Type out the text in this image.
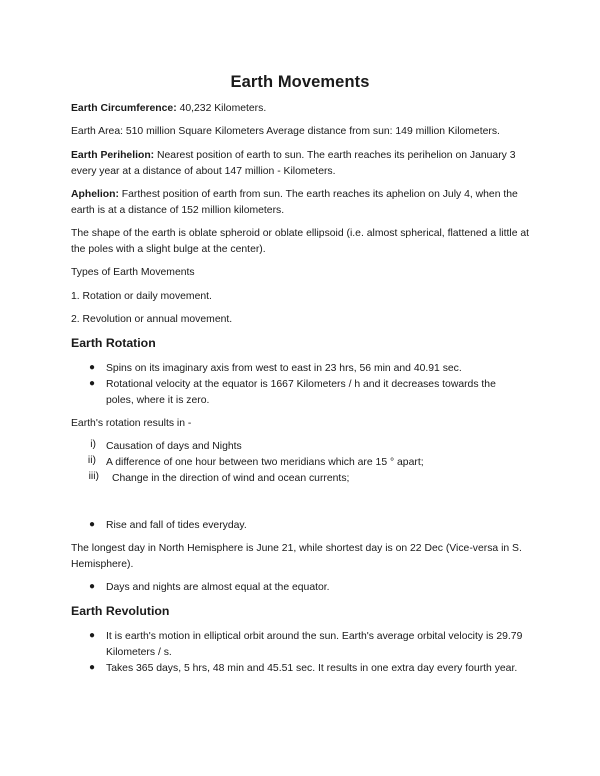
Earth Movements

Earth Circumference: 40,232 Kilometers.

Earth Area: 510 million Square Kilometers Average distance from sun: 149 million Kilometers.

Earth Perihelion: Nearest position of earth to sun. The earth reaches its perihelion on January 3 every year at a distance of about 147 million - Kilometers.

Aphelion: Farthest position of earth from sun. The earth reaches its aphelion on July 4, when the earth is at a distance of 152 million kilometers.

The shape of the earth is oblate spheroid or oblate ellipsoid (i.e. almost spherical, flattened a little at the poles with a slight bulge at the center).

Types of Earth Movements

1. Rotation or daily movement.

2. Revolution or annual movement.

Earth Rotation

● Spins on its imaginary axis from west to east in 23 hrs, 56 min and 40.91 sec.

● Rotational velocity at the equator is 1667 Kilometers / h and it decreases towards the poles, where it is zero.

Earth's rotation results in -

i) Causation of days and Nights

ii) A difference of one hour between two meridians which are 15 ° apart;

iii) Change in the direction of wind and ocean currents;

● Rise and fall of tides everyday.

The longest day in North Hemisphere is June 21, while shortest day is on 22 Dec (Vice-versa in S. Hemisphere).

● Days and nights are almost equal at the equator.

Earth Revolution

● It is earth's motion in elliptical orbit around the sun. Earth's average orbital velocity is 29.79 Kilometers / s.

● Takes 365 days, 5 hrs, 48 min and 45.51 sec. It results in one extra day every fourth year.
